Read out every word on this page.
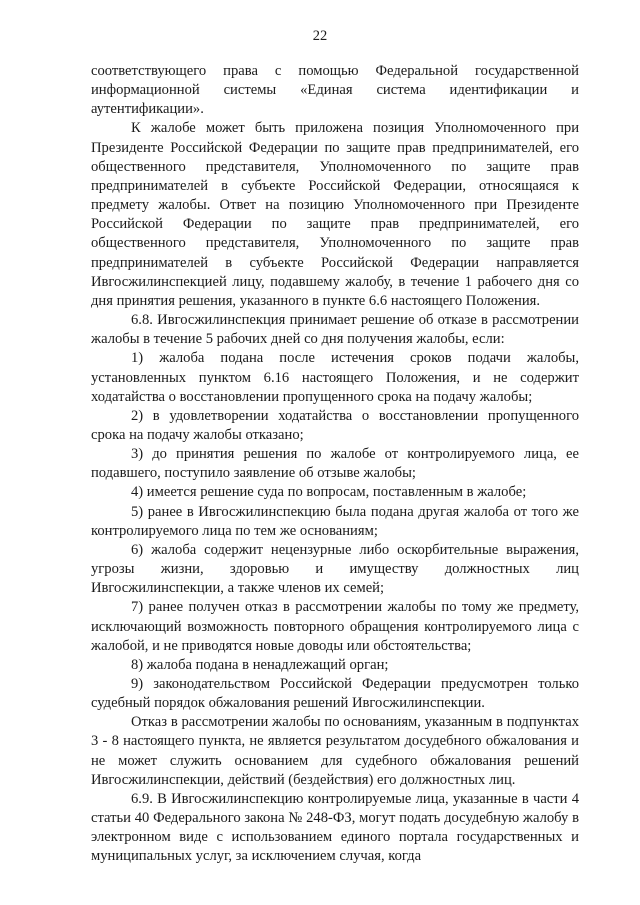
22

соответствующего права с помощью Федеральной государственной информационной системы «Единая система идентификации и аутентификации».

К жалобе может быть приложена позиция Уполномоченного при Президенте Российской Федерации по защите прав предпринимателей, его общественного представителя, Уполномоченного по защите прав предпринимателей в субъекте Российской Федерации, относящаяся к предмету жалобы. Ответ на позицию Уполномоченного при Президенте Российской Федерации по защите прав предпринимателей, его общественного представителя, Уполномоченного по защите прав предпринимателей в субъекте Российской Федерации направляется Ивгосжилинспекцией лицу, подавшему жалобу, в течение 1 рабочего дня со дня принятия решения, указанного в пункте 6.6 настоящего Положения.

6.8. Ивгосжилинспекция принимает решение об отказе в рассмотрении жалобы в течение 5 рабочих дней со дня получения жалобы, если:

1) жалоба подана после истечения сроков подачи жалобы, установленных пунктом 6.16 настоящего Положения, и не содержит ходатайства о восстановлении пропущенного срока на подачу жалобы;

2) в удовлетворении ходатайства о восстановлении пропущенного срока на подачу жалобы отказано;

3) до принятия решения по жалобе от контролируемого лица, ее подавшего, поступило заявление об отзыве жалобы;

4) имеется решение суда по вопросам, поставленным в жалобе;

5) ранее в Ивгосжилинспекцию была подана другая жалоба от того же контролируемого лица по тем же основаниям;

6) жалоба содержит нецензурные либо оскорбительные выражения, угрозы жизни, здоровью и имуществу должностных лиц Ивгосжилинспекции, а также членов их семей;

7) ранее получен отказ в рассмотрении жалобы по тому же предмету, исключающий возможность повторного обращения контролируемого лица с жалобой, и не приводятся новые доводы или обстоятельства;

8) жалоба подана в ненадлежащий орган;

9) законодательством Российской Федерации предусмотрен только судебный порядок обжалования решений Ивгосжилинспекции.

Отказ в рассмотрении жалобы по основаниям, указанным в подпунктах 3 - 8 настоящего пункта, не является результатом досудебного обжалования и не может служить основанием для судебного обжалования решений Ивгосжилинспекции, действий (бездействия) его должностных лиц.

6.9. В Ивгосжилинспекцию контролируемые лица, указанные в части 4 статьи 40 Федерального закона № 248-ФЗ, могут подать досудебную жалобу в электронном виде с использованием единого портала государственных и муниципальных услуг, за исключением случая, когда
